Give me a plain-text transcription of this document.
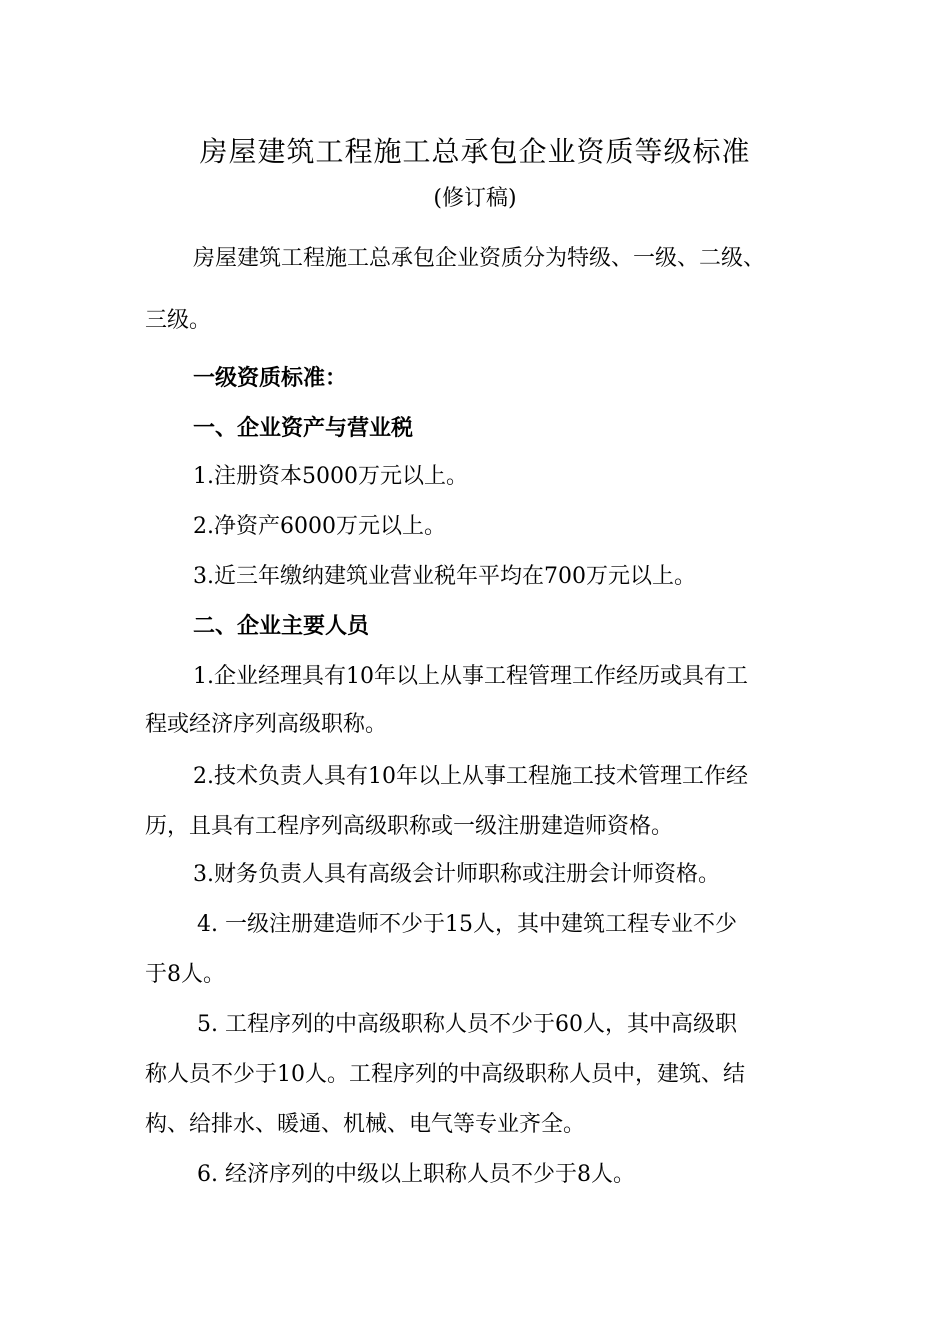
房屋建筑工程施工总承包企业资质等级标准
(修订稿)
房屋建筑工程施工总承包企业资质分为特级、一级、二级、
三级。
一级资质标准：
一、企业资产与营业税
1.注册资本5000万元以上。
2.净资产6000万元以上。
3.近三年缴纳建筑业营业税年平均在700万元以上。
二、企业主要人员
1.企业经理具有10年以上从事工程管理工作经历或具有工
程或经济序列高级职称。
2.技术负责人具有10年以上从事工程施工技术管理工作经
历，且具有工程序列高级职称或一级注册建造师资格。
3.财务负责人具有高级会计师职称或注册会计师资格。
4. 一级注册建造师不少于15人，其中建筑工程专业不少
于8人。
5. 工程序列的中高级职称人员不少于60人，其中高级职
称人员不少于10人。工程序列的中高级职称人员中，建筑、结
构、给排水、暖通、机械、电气等专业齐全。
6. 经济序列的中级以上职称人员不少于8人。
